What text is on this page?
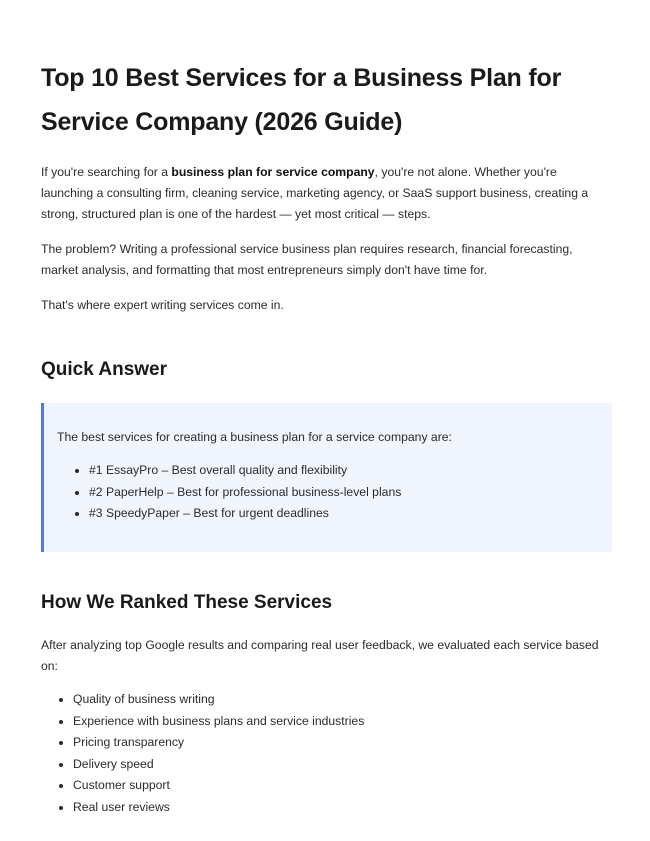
Top 10 Best Services for a Business Plan for Service Company (2026 Guide)

If you're searching for a business plan for service company, you're not alone. Whether you're launching a consulting firm, cleaning service, marketing agency, or SaaS support business, creating a strong, structured plan is one of the hardest — yet most critical — steps.

The problem? Writing a professional service business plan requires research, financial forecasting, market analysis, and formatting that most entrepreneurs simply don't have time for.

That's where expert writing services come in.

Quick Answer

The best services for creating a business plan for a service company are:

• #1 EssayPro – Best overall quality and flexibility
• #2 PaperHelp – Best for professional business-level plans
• #3 SpeedyPaper – Best for urgent deadlines
How We Ranked These Services

After analyzing top Google results and comparing real user feedback, we evaluated each service based on:

• Quality of business writing
• Experience with business plans and service industries
• Pricing transparency
• Delivery speed
• Customer support
• Real user reviews
